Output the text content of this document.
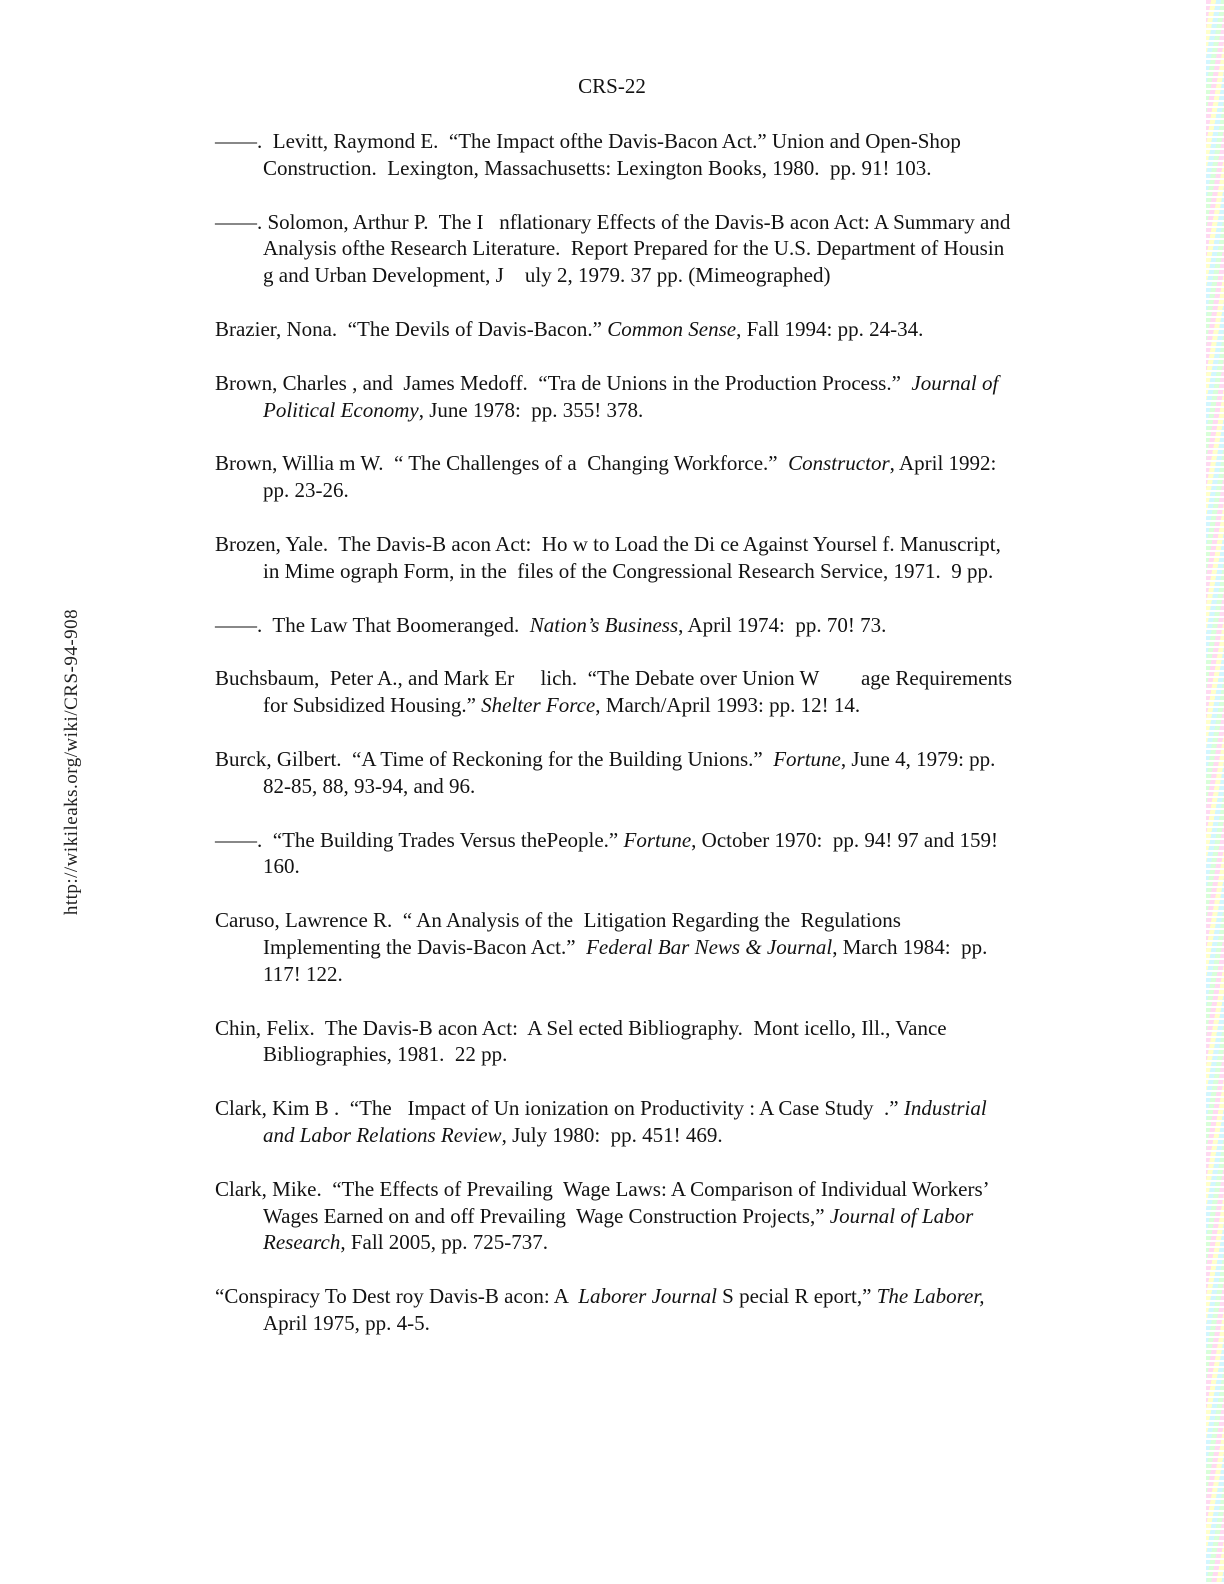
http://wikileaks.org/wiki/CRS-94-908
CRS-22

——.  Levitt, Raymond E.  “The Impact ofthe Davis-Bacon Act.” Union and Open-Shop Construction.  Lexington, Massachusetts: Lexington Books, 1980.  pp. 91! 103.

——. Solomon, Arthur P.  The I   nflationary Effects of the Davis-B acon Act: A Summary and Analysis ofthe Research Literature.  Report Prepared for the U.S. Department of Housin g and Urban Development, J    uly 2, 1979. 37 pp. (Mimeographed)

Brazier, Nona.  “The Devils of Davis-Bacon.” Common Sense, Fall 1994: pp. 24-34.

Brown, Charles , and  James Medoff.  “Tra de Unions in the Production Process.”  Journal of Political Economy, June 1978:  pp. 355! 378.

Brown, Willia m W.  “ The Challenges of a  Changing Workforce.”  Constructor, April 1992:  pp. 23-26.

Brozen, Yale.  The Davis-B acon Act:  Ho w to Load the Di ce Against Yoursel f. Manuscript, in Mime ograph Form, in the  files of the Congressional Research Service, 1971.  9 pp.

——.  The Law That Boomeranged.  Nation’s Business, April 1974:  pp. 70! 73.

Buchsbaum,  Peter A., and Mark Er     lich.  “The Debate over Union W        age Requirements for Subsidized Housing.” Shelter Force, March/April 1993: pp. 12! 14.

Burck, Gilbert.  “A Time of Reckoning for the Building Unions.”  Fortune, June 4, 1979: pp. 82-85, 88, 93-94, and 96.

——.  “The Building Trades Versus thePeople.” Fortune, October 1970:  pp. 94! 97 and 159! 160.

Caruso, Lawrence R.  “ An Analysis of the  Litigation Regarding the  Regulations Implementing the Davis-Bacon Act.”  Federal Bar News & Journal, March 1984:  pp. 117! 122.

Chin, Felix.  The Davis-B acon Act:  A Sel ected Bibliography.  Mont icello, Ill., Vance Bibliographies, 1981.  22 pp.

Clark, Kim B .  “The   Impact of Un ionization on Productivity : A Case Study  .” Industrial and Labor Relations Review, July 1980:  pp. 451! 469.

Clark, Mike.  “The Effects of Prevailing  Wage Laws: A Comparison of Individual Workers’ Wages Earned on and off Prevailing  Wage Construction Projects,” Journal of Labor Research, Fall 2005, pp. 725-737.

“Conspiracy To Dest roy Davis-B acon: A  Laborer Journal S pecial R eport,” The Laborer, April 1975, pp. 4-5.
